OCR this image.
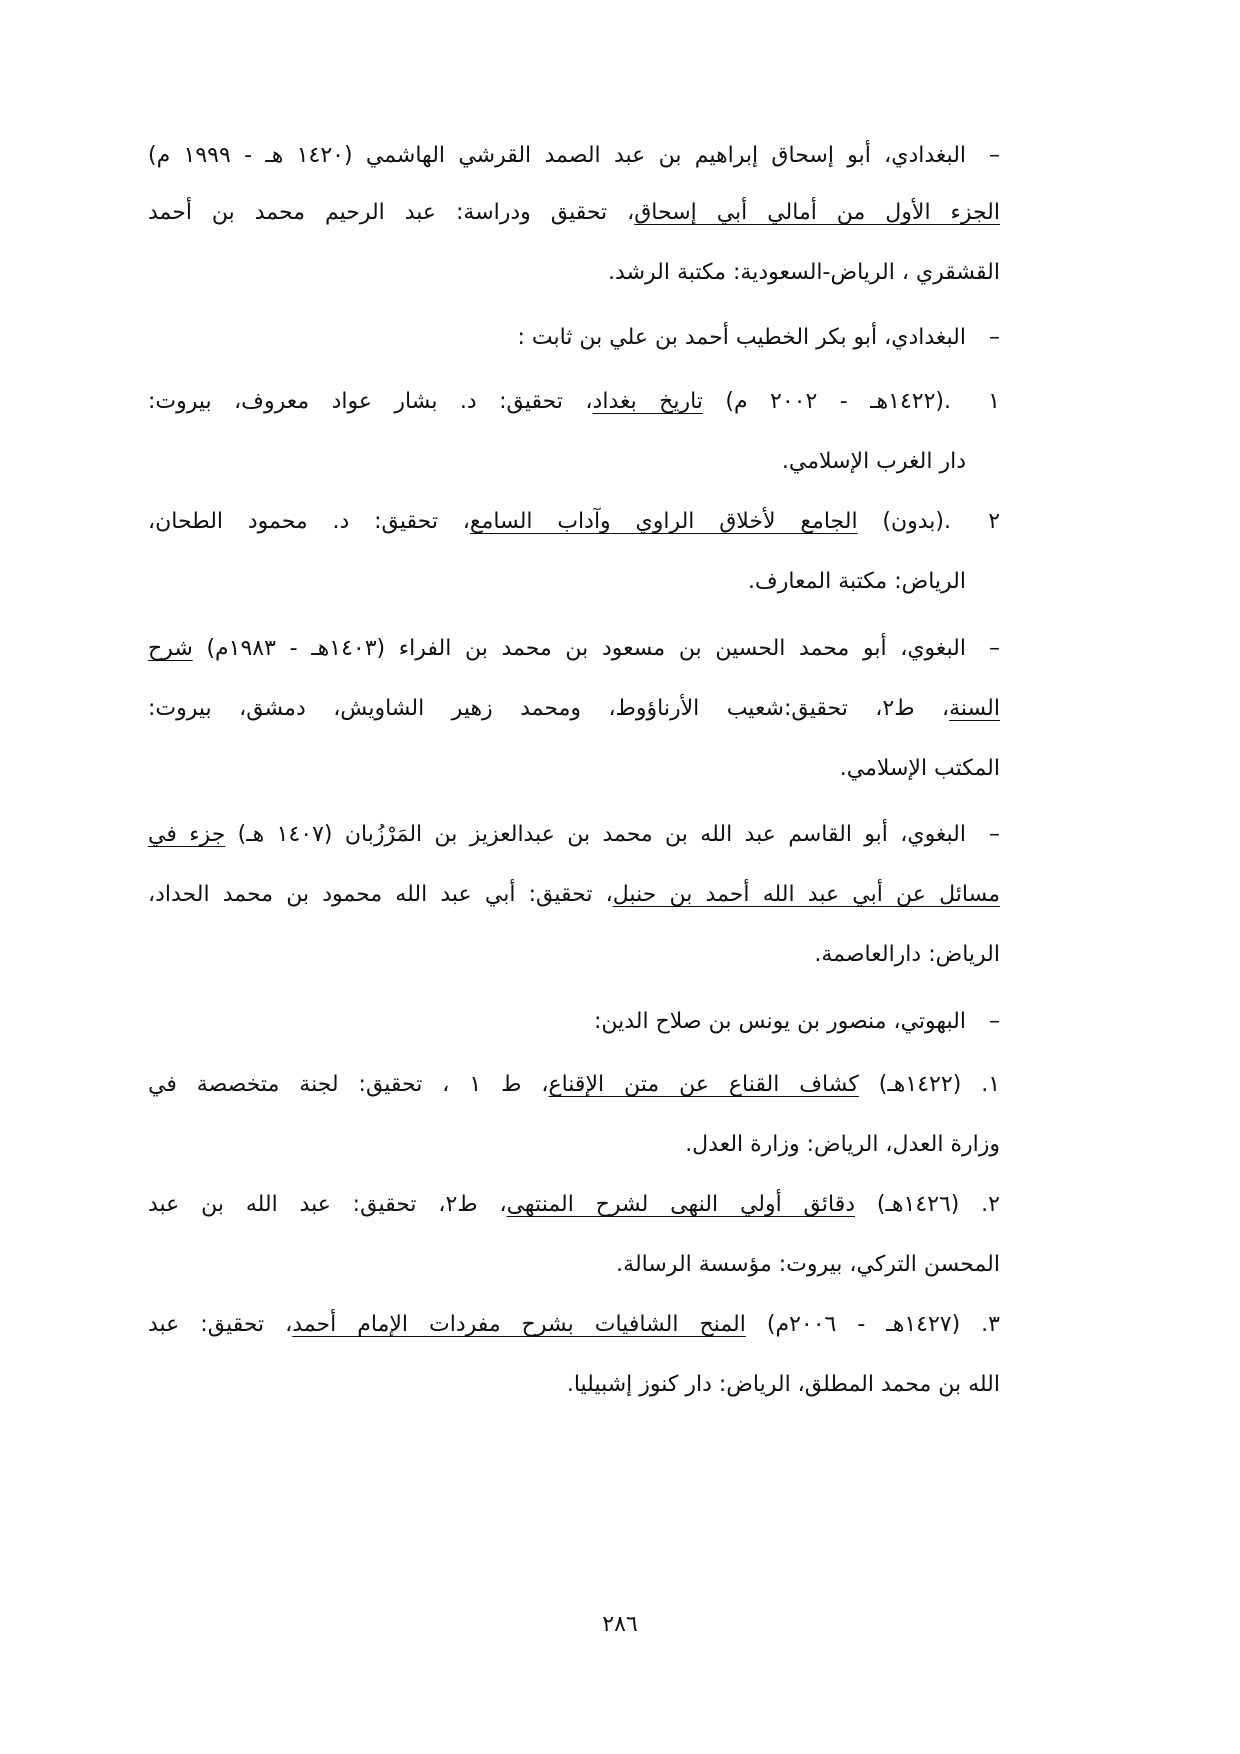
–البغدادي، أبو إسحاق إبراهيم بن عبد الصمد القرشي الهاشمي (١٤٢٠ هـ - ١٩٩٩ م)
الجزء الأول من أمالي أبي إسحاق، تحقيق ودراسة: عبد الرحيم محمد بن أحمد
القشقري ، الرياض-السعودية: مكتبة الرشد.
–البغدادي، أبو بكر الخطيب أحمد بن علي بن ثابت :
١ .(١٤٢٢هـ - ٢٠٠٢ م) تاريخ بغداد، تحقيق: د. بشار عواد معروف، بيروت:
دار الغرب الإسلامي.
٢ .(بدون) الجامع لأخلاق الراوي وآداب السامع، تحقيق: د. محمود الطحان،
الرياض: مكتبة المعارف.
–البغوي، أبو محمد الحسين بن مسعود بن محمد بن الفراء (١٤٠٣هـ - ١٩٨٣م) شرح
السنة، ط٢، تحقيق:شعيب الأرناؤوط، ومحمد زهير الشاويش، دمشق، بيروت:
المكتب الإسلامي.
–البغوي، أبو القاسم عبد الله بن محمد بن عبدالعزيز بن المَرْزُبان (١٤٠٧ هـ) جزء في
مسائل عن أبي عبد الله أحمد بن حنبل، تحقيق: أبي عبد الله محمود بن محمد الحداد،
الرياض: دارالعاصمة.
–البهوتي، منصور بن يونس بن صلاح الدين:
١. (١٤٢٢هـ) كشاف القناع عن متن الإقناع، ط ١ ، تحقيق: لجنة متخصصة في
وزارة العدل، الرياض: وزارة العدل.
٢. (١٤٢٦هـ) دقائق أولي النهى لشرح المنتهى، ط٢، تحقيق: عبد الله بن عبد
المحسن التركي، بيروت: مؤسسة الرسالة.
٣. (١٤٢٧هـ - ٢٠٠٦م) المنح الشافيات بشرح مفردات الإمام أحمد، تحقيق: عبد
الله بن محمد المطلق، الرياض: دار كنوز إشبيليا.
٢٨٦
